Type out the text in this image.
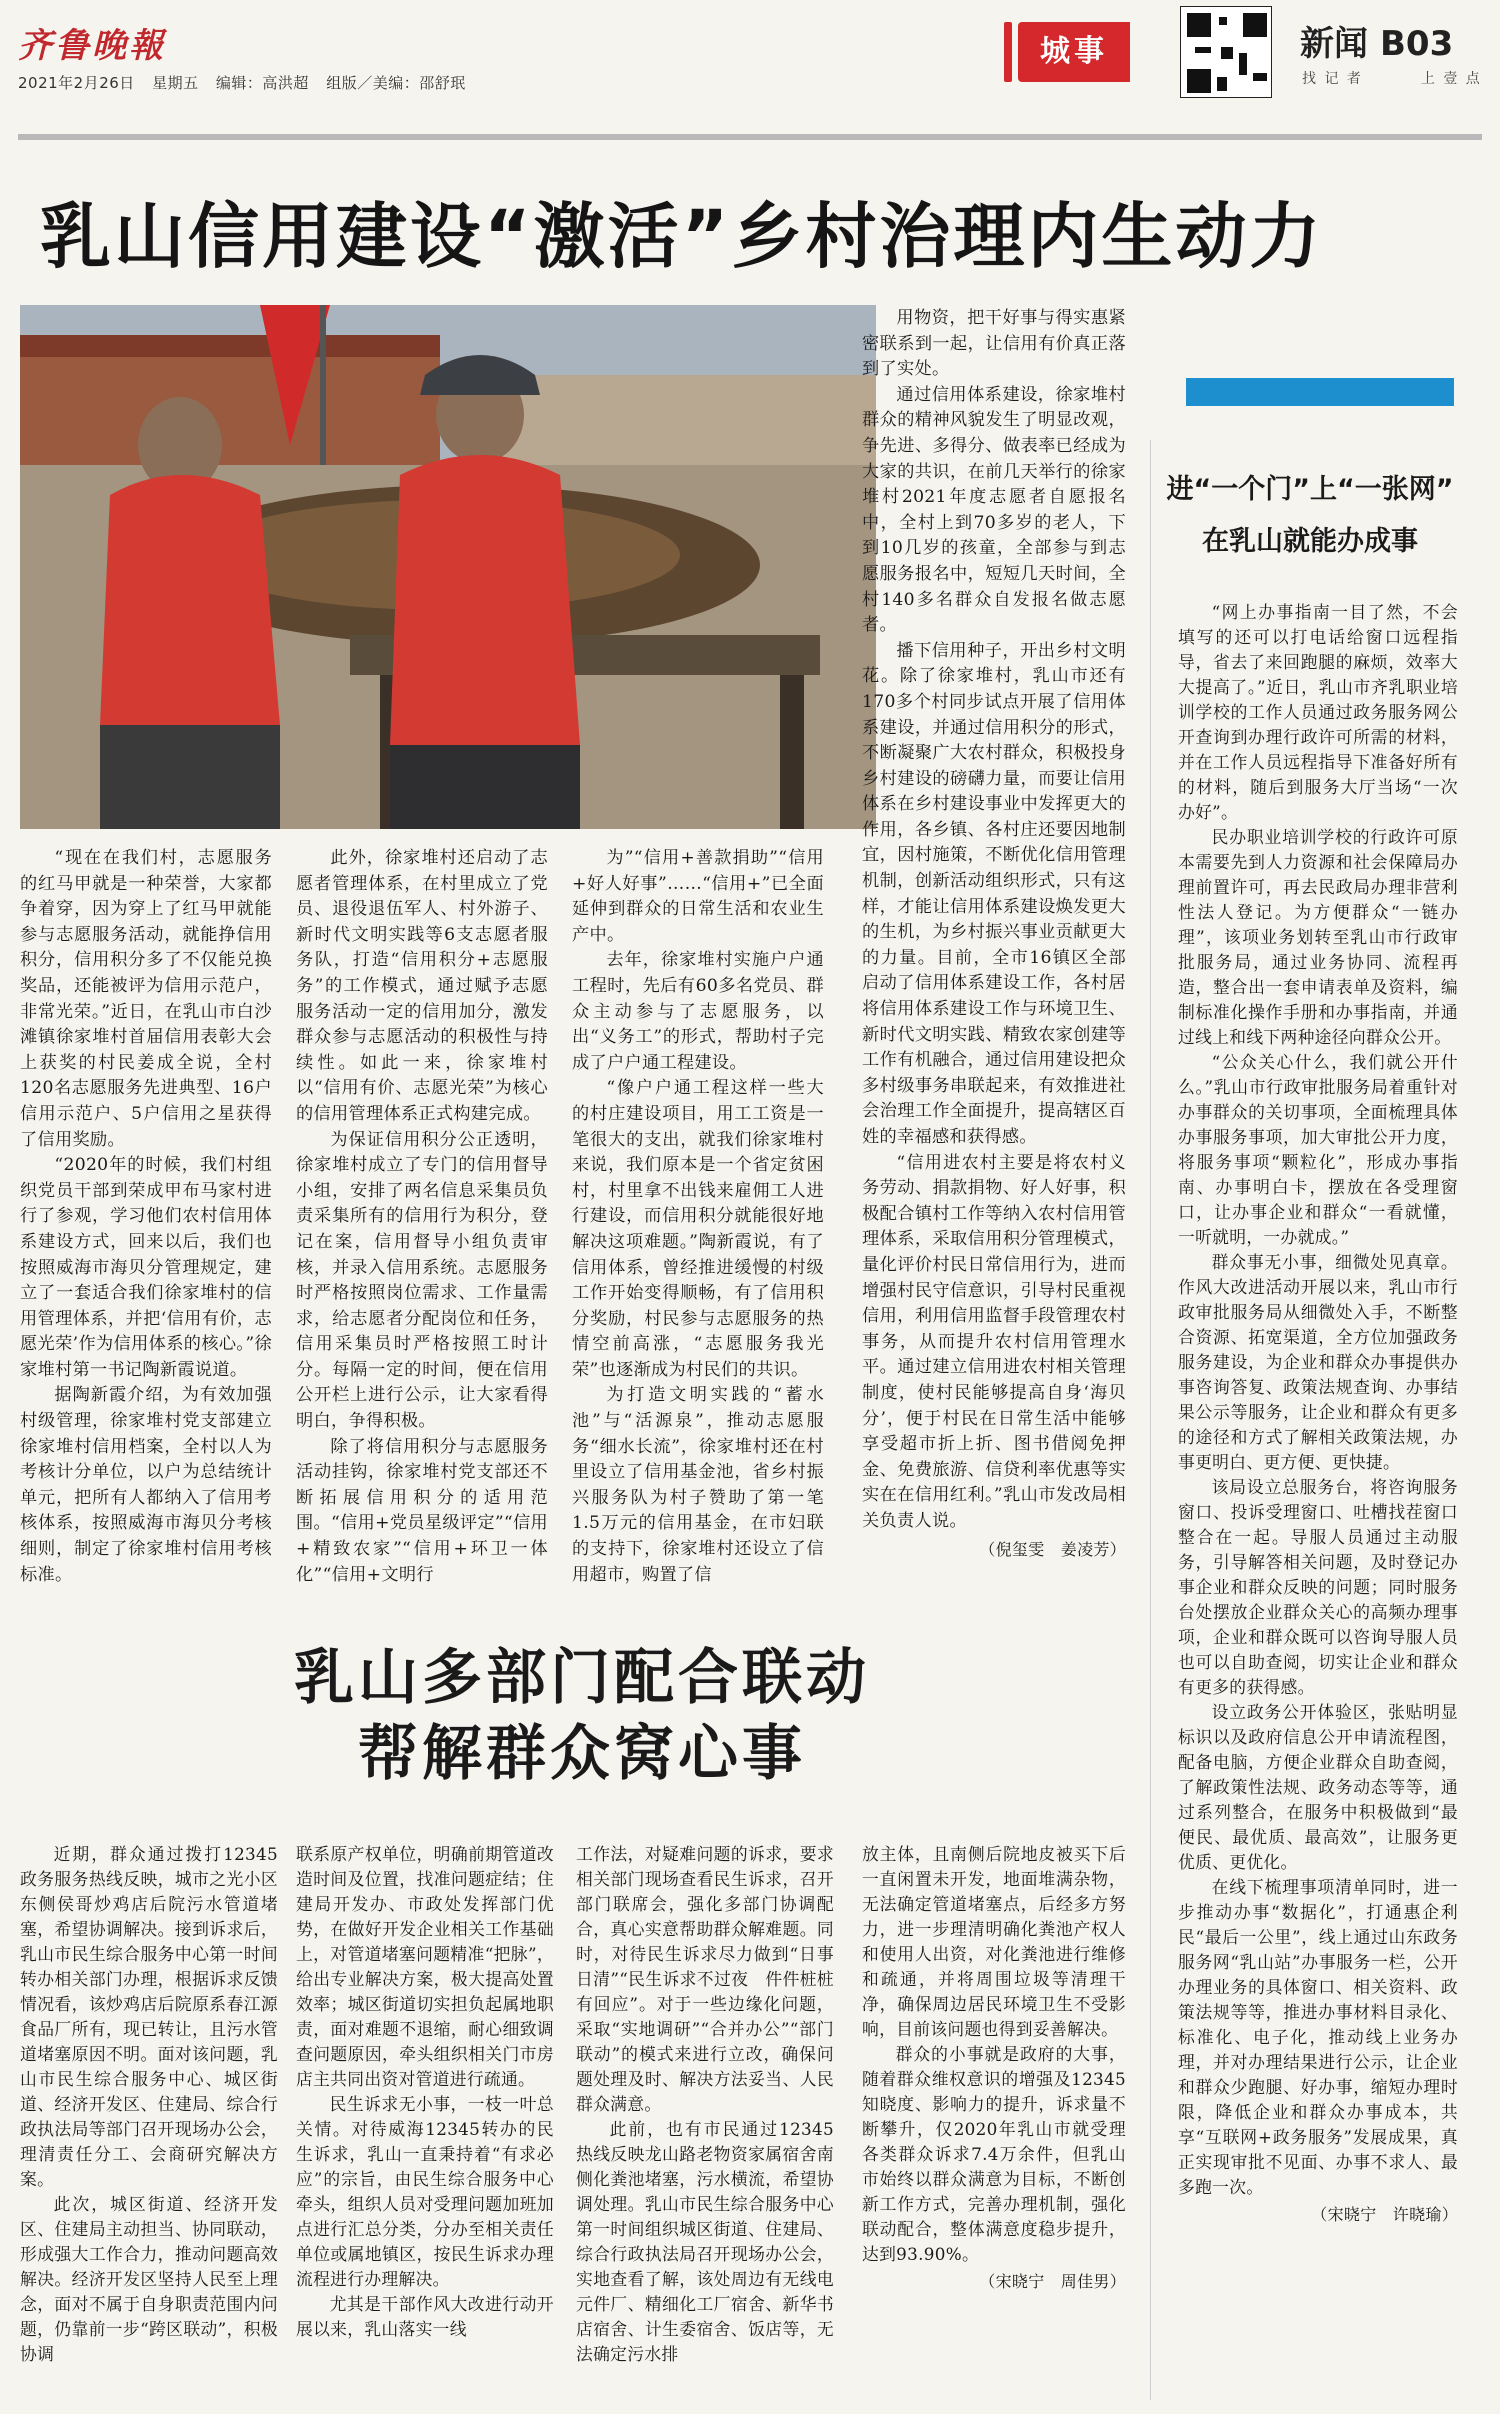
齐鲁晚報
2021年2月26日 星期五 编辑：高洪超 组版／美编：邵舒珉
城事	新闻 B03
找 记 者	上 壹 点
乳山信用建设“激活”乡村治理内生动力

“现在在我们村，志愿服务的红马甲就是一种荣誉，大家都争着穿，因为穿上了红马甲就能参与志愿服务活动，就能挣信用积分，信用积分多了不仅能兑换奖品，还能被评为信用示范户，非常光荣。”近日，在乳山市白沙滩镇徐家堆村首届信用表彰大会上获奖的村民姜成全说，全村120名志愿服务先进典型、16户信用示范户、5户信用之星获得了信用奖励。

“2020年的时候，我们村组织党员干部到荣成甲布马家村进行了参观，学习他们农村信用体系建设方式，回来以后，我们也按照威海市海贝分管理规定，建立了一套适合我们徐家堆村的信用管理体系，并把‘信用有价，志愿光荣’作为信用体系的核心。”徐家堆村第一书记陶新霞说道。

据陶新霞介绍，为有效加强村级管理，徐家堆村党支部建立徐家堆村信用档案，全村以人为考核计分单位，以户为总结统计单元，把所有人都纳入了信用考核体系，按照威海市海贝分考核细则，制定了徐家堆村信用考核标准。

此外，徐家堆村还启动了志愿者管理体系，在村里成立了党员、退役退伍军人、村外游子、新时代文明实践等6支志愿者服务队，打造“信用积分+志愿服务”的工作模式，通过赋予志愿服务活动一定的信用加分，激发群众参与志愿活动的积极性与持续性。如此一来，徐家堆村以“信用有价、志愿光荣”为核心的信用管理体系正式构建完成。

为保证信用积分公正透明，徐家堆村成立了专门的信用督导小组，安排了两名信息采集员负责采集所有的信用行为积分，登记在案，信用督导小组负责审核，并录入信用系统。志愿服务时严格按照岗位需求、工作量需求，给志愿者分配岗位和任务，信用采集员时严格按照工时计分。每隔一定的时间，便在信用公开栏上进行公示，让大家看得明白，争得积极。

除了将信用积分与志愿服务活动挂钩，徐家堆村党支部还不断拓展信用积分的适用范围。“信用+党员星级评定”“信用+精致农家”“信用+环卫一体化”“信用+文明行

为”“信用+善款捐助”“信用+好人好事”……“信用+”已全面延伸到群众的日常生活和农业生产中。

去年，徐家堆村实施户户通工程时，先后有60多名党员、群众主动参与了志愿服务，以出“义务工”的形式，帮助村子完成了户户通工程建设。

“像户户通工程这样一些大的村庄建设项目，用工工资是一笔很大的支出，就我们徐家堆村来说，我们原本是一个省定贫困村，村里拿不出钱来雇佣工人进行建设，而信用积分就能很好地解决这项难题。”陶新霞说，有了信用体系，曾经推进缓慢的村级工作开始变得顺畅，有了信用积分奖励，村民参与志愿服务的热情空前高涨，“志愿服务我光荣”也逐渐成为村民们的共识。

为打造文明实践的“蓄水池”与“活源泉”，推动志愿服务“细水长流”，徐家堆村还在村里设立了信用基金池，省乡村振兴服务队为村子赞助了第一笔1.5万元的信用基金，在市妇联的支持下，徐家堆村还设立了信用超市，购置了信

用物资，把干好事与得实惠紧密联系到一起，让信用有价真正落到了实处。

通过信用体系建设，徐家堆村群众的精神风貌发生了明显改观，争先进、多得分、做表率已经成为大家的共识，在前几天举行的徐家堆村2021年度志愿者自愿报名中，全村上到70多岁的老人，下到10几岁的孩童，全部参与到志愿服务报名中，短短几天时间，全村140多名群众自发报名做志愿者。

播下信用种子，开出乡村文明花。除了徐家堆村，乳山市还有170多个村同步试点开展了信用体系建设，并通过信用积分的形式，不断凝聚广大农村群众，积极投身乡村建设的磅礴力量，而要让信用体系在乡村建设事业中发挥更大的作用，各乡镇、各村庄还要因地制宜，因村施策，不断优化信用管理机制，创新活动组织形式，只有这样，才能让信用体系建设焕发更大的生机，为乡村振兴事业贡献更大的力量。目前，全市16镇区全部启动了信用体系建设工作，各村居将信用体系建设工作与环境卫生、新时代文明实践、精致农家创建等工作有机融合，通过信用建设把众多村级事务串联起来，有效推进社会治理工作全面提升，提高辖区百姓的幸福感和获得感。

“信用进农村主要是将农村义务劳动、捐款捐物、好人好事，积极配合镇村工作等纳入农村信用管理体系，采取信用积分管理模式，量化评价村民日常信用行为，进而增强村民守信意识，引导村民重视信用，利用信用监督手段管理农村事务，从而提升农村信用管理水平。通过建立信用进农村相关管理制度，使村民能够提高自身‘海贝分’，便于村民在日常生活中能够享受超市折上折、图书借阅免押金、免费旅游、信贷利率优惠等实实在在信用红利。”乳山市发改局相关负责人说。

（倪玺雯　姜凌芳）
乳山多部门配合联动
帮解群众窝心事

近期，群众通过拨打12345政务服务热线反映，城市之光小区东侧侯哥炒鸡店后院污水管道堵塞，希望协调解决。接到诉求后，乳山市民生综合服务中心第一时间转办相关部门办理，根据诉求反馈情况看，该炒鸡店后院原系春江源食品厂所有，现已转让，且污水管道堵塞原因不明。面对该问题，乳山市民生综合服务中心、城区街道、经济开发区、住建局、综合行政执法局等部门召开现场办公会，理清责任分工、会商研究解决方案。

此次，城区街道、经济开发区、住建局主动担当、协同联动，形成强大工作合力，推动问题高效解决。经济开发区坚持人民至上理念，面对不属于自身职责范围内问题，仍靠前一步“跨区联动”，积极协调

联系原产权单位，明确前期管道改造时间及位置，找准问题症结；住建局开发办、市政处发挥部门优势，在做好开发企业相关工作基础上，对管道堵塞问题精准“把脉”，给出专业解决方案，极大提高处置效率；城区街道切实担负起属地职责，面对难题不退缩，耐心细致调查问题原因，牵头组织相关门市房店主共同出资对管道进行疏通。

民生诉求无小事，一枝一叶总关情。对待威海12345转办的民生诉求，乳山一直秉持着“有求必应”的宗旨，由民生综合服务中心牵头，组织人员对受理问题加班加点进行汇总分类，分办至相关责任单位或属地镇区，按民生诉求办理流程进行办理解决。

尤其是干部作风大改进行动开展以来，乳山落实一线

工作法，对疑难问题的诉求，要求相关部门现场查看民生诉求，召开部门联席会，强化多部门协调配合，真心实意帮助群众解难题。同时，对待民生诉求尽力做到“日事日清”“民生诉求不过夜　件件桩桩有回应”。对于一些边缘化问题，采取“实地调研”“合并办公”“部门联动”的模式来进行立改，确保问题处理及时、解决方法妥当、人民群众满意。

此前，也有市民通过12345热线反映龙山路老物资家属宿舍南侧化粪池堵塞，污水横流，希望协调处理。乳山市民生综合服务中心第一时间组织城区街道、住建局、综合行政执法局召开现场办公会，实地查看了解，该处周边有无线电元件厂、精细化工厂宿舍、新华书店宿舍、计生委宿舍、饭店等，无法确定污水排

放主体，且南侧后院地皮被买下后一直闲置未开发，地面堆满杂物，无法确定管道堵塞点，后经多方努力，进一步理清明确化粪池产权人和使用人出资，对化粪池进行维修和疏通，并将周围垃圾等清理干净，确保周边居民环境卫生不受影响，目前该问题也得到妥善解决。

群众的小事就是政府的大事，随着群众维权意识的增强及12345知晓度、影响力的提升，诉求量不断攀升，仅2020年乳山市就受理各类群众诉求7.4万余件，但乳山市始终以群众满意为目标，不断创新工作方式，完善办理机制，强化联动配合，整体满意度稳步提升，达到93.90%。

（宋晓宁　周佳男）
进“一个门”上“一张网”
在乳山就能办成事

“网上办事指南一目了然，不会填写的还可以打电话给窗口远程指导，省去了来回跑腿的麻烦，效率大大提高了。”近日，乳山市齐乳职业培训学校的工作人员通过政务服务网公开查询到办理行政许可所需的材料，并在工作人员远程指导下准备好所有的材料，随后到服务大厅当场“一次办好”。

民办职业培训学校的行政许可原本需要先到人力资源和社会保障局办理前置许可，再去民政局办理非营利性法人登记。为方便群众“一链办理”，该项业务划转至乳山市行政审批服务局，通过业务协同、流程再造，整合出一套申请表单及资料，编制标准化操作手册和办事指南，并通过线上和线下两种途径向群众公开。

“公众关心什么，我们就公开什么。”乳山市行政审批服务局着重针对办事群众的关切事项，全面梳理具体办事服务事项，加大审批公开力度，将服务事项“颗粒化”，形成办事指南、办事明白卡，摆放在各受理窗口，让办事企业和群众“一看就懂，一听就明，一办就成。”

群众事无小事，细微处见真章。作风大改进活动开展以来，乳山市行政审批服务局从细微处入手，不断整合资源、拓宽渠道，全方位加强政务服务建设，为企业和群众办事提供办事咨询答复、政策法规查询、办事结果公示等服务，让企业和群众有更多的途径和方式了解相关政策法规，办事更明白、更方便、更快捷。

该局设立总服务台，将咨询服务窗口、投诉受理窗口、吐槽找茬窗口整合在一起。导服人员通过主动服务，引导解答相关问题，及时登记办事企业和群众反映的问题；同时服务台处摆放企业群众关心的高频办理事项，企业和群众既可以咨询导服人员也可以自助查阅，切实让企业和群众有更多的获得感。

设立政务公开体验区，张贴明显标识以及政府信息公开申请流程图，配备电脑，方便企业群众自助查阅，了解政策性法规、政务动态等等，通过系列整合，在服务中积极做到“最便民、最优质、最高效”，让服务更优质、更优化。

在线下梳理事项清单同时，进一步推动办事“数据化”，打通惠企利民“最后一公里”，线上通过山东政务服务网“乳山站”办事服务一栏，公开办理业务的具体窗口、相关资料、政策法规等等，推进办事材料目录化、标准化、电子化，推动线上业务办理，并对办理结果进行公示，让企业和群众少跑腿、好办事，缩短办理时限，降低企业和群众办事成本，共享“互联网+政务服务”发展成果，真正实现审批不见面、办事不求人、最多跑一次。

（宋晓宁　许晓瑜）
